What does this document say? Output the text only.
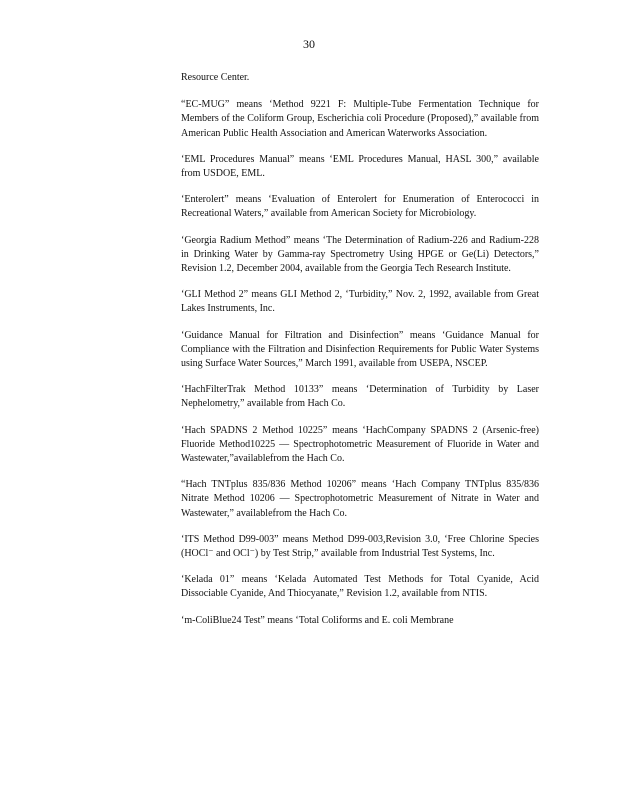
30

Resource Center.

“EC-MUG” means ‘Method 9221 F: Multiple-Tube Fermentation Technique for Members of the Coliform Group, Escherichia coli Procedure (Proposed),” available from American Public Health Association and American Waterworks Association.

‘EML Procedures Manual” means ‘EML Procedures Manual, HASL 300,” available from USDOE, EML.

‘Enterolert” means ‘Evaluation of Enterolert for Enumeration of Enterococci in Recreational Waters,” available from American Society for Microbiology.

‘Georgia Radium Method” means ‘The Determination of Radium-226 and Radium-228 in Drinking Water by Gamma-ray Spectrometry Using HPGE or Ge(Li) Detectors,” Revision 1.2, December 2004, available from the Georgia Tech Research Institute.

‘GLI Method 2” means GLI Method 2, ‘Turbidity,” Nov. 2, 1992, available from Great Lakes Instruments, Inc.

‘Guidance Manual for Filtration and Disinfection” means ‘Guidance Manual for Compliance with the Filtration and Disinfection Requirements for Public Water Systems using Surface Water Sources,” March 1991, available from USEPA, NSCEP.

‘HachFilterTrak Method 10133” means ‘Determination of Turbidity by Laser Nephelometry,” available from Hach Co.

‘Hach SPADNS 2 Method 10225” means ‘HachCompany SPADNS 2 (Arsenic-free) Fluoride Method10225 — Spectrophotometric Measurement of Fluoride in Water and Wastewater,”availablefrom the Hach Co.

“Hach TNTplus 835/836 Method 10206” means ‘Hach Company TNTplus 835/836 Nitrate Method 10206 — Spectrophotometric Measurement of Nitrate in Water and Wastewater,” availablefrom the Hach Co.

‘ITS Method D99-003” means Method D99-003,Revision 3.0, ‘Free Chlorine Species (HOCl⁻ and OCl⁻) by Test Strip,” available from Industrial Test Systems, Inc.

‘Kelada 01” means ‘Kelada Automated Test Methods for Total Cyanide, Acid Dissociable Cyanide, And Thiocyanate,” Revision 1.2, available from NTIS.

‘m-ColiBlue24 Test” means ‘Total Coliforms and E. coli Membrane
